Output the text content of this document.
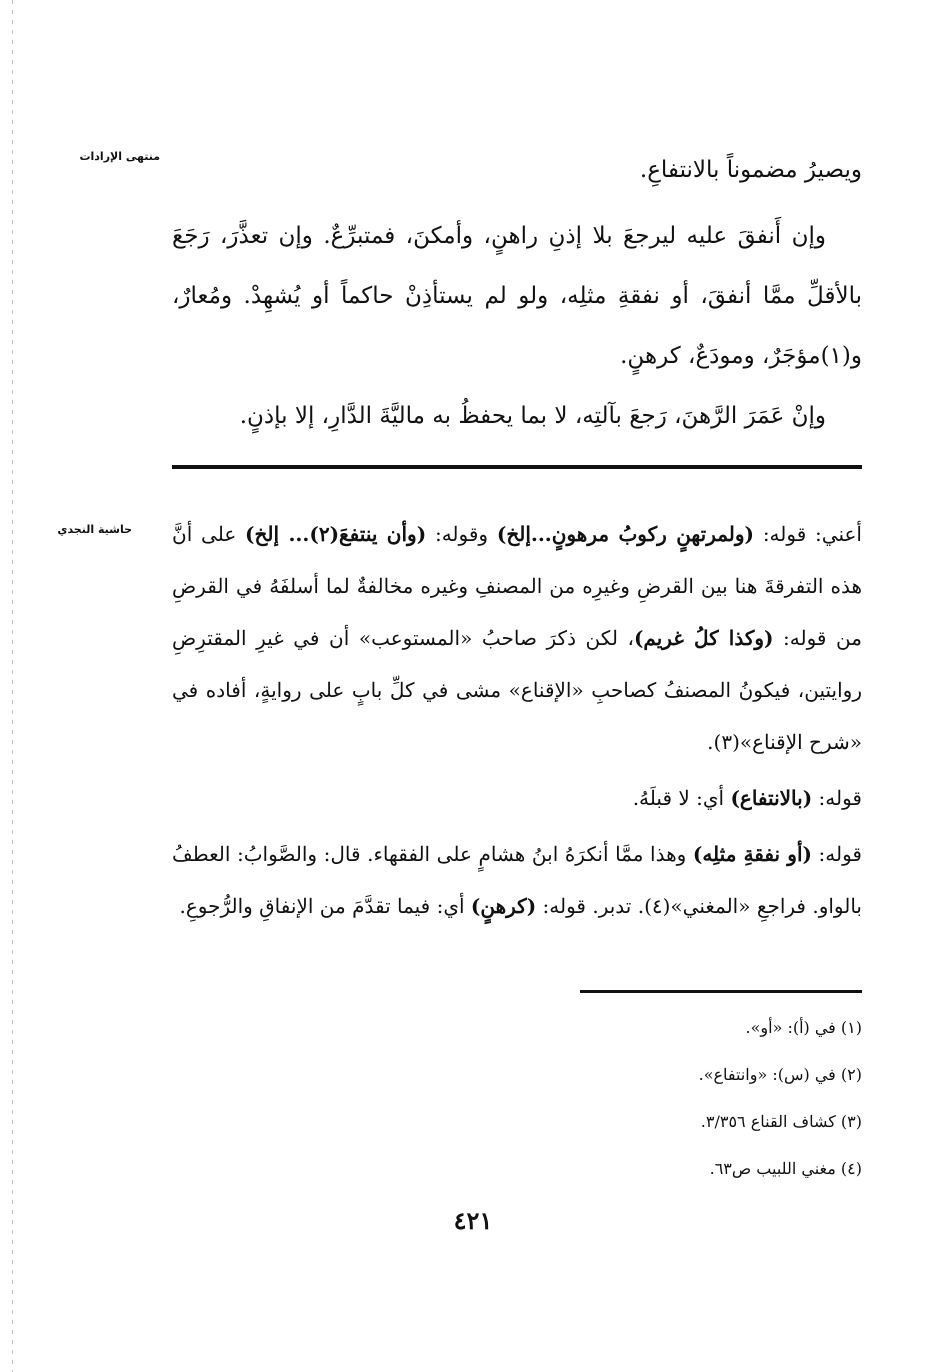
منتهى الإرادات
حاشية النجدي

ويصيرُ مضموناً بالانتفاعِ.

وإن أَنفقَ عليه ليرجعَ بلا إذنِ راهنٍ، وأمكنَ، فمتبرِّعٌ. وإن تعذَّرَ، رَجَعَ بالأقلِّ ممَّا أنفقَ، أو نفقةِ مثلِه، ولو لم يستأذِنْ حاكماً أو يُشهِدْ. ومُعارٌ، و(١)مؤجَرٌ، ومودَعٌ، كرهنٍ.

وإنْ عَمَرَ الرَّهنَ، رَجعَ بآلتِه، لا بما يحفظُ به ماليَّةَ الدَّارِ، إلا بإذنٍ.

أعني: قوله: (ولمرتهنٍ ركوبُ مرهونٍ...إلخ) وقوله: (وأن ينتفعَ(٢)... إلخ) على أنَّ هذه التفرقةَ هنا بين القرضِ وغيرِه من المصنفِ وغيره مخالفةٌ لما أسلفَهُ في القرضِ من قوله: (وكذا كلُ غريم)، لكن ذكرَ صاحبُ «المستوعب» أن في غيرِ المقترِضِ روايتين، فيكونُ المصنفُ كصاحبِ «الإقناع» مشى في كلِّ بابٍ على روايةٍ، أفاده في «شرح الإقناع»(٣).

قوله: (بالانتفاع) أي: لا قبلَهُ.

قوله: (أو نفقةِ مثلِه) وهذا ممَّا أنكرَهُ ابنُ هشامٍ على الفقهاء. قال: والصَّوابُ: العطفُ بالواو. فراجعِ «المغني»(٤). تدبر. قوله: (كرهنٍ) أي: فيما تقدَّمَ من الإنفاقِ والرُّجوعِ.

(١) في (أ): «أو».
(٢) في (س): «وانتفاع».
(٣) كشاف القناع ٣/٣٥٦.
(٤) مغني اللبيب ص٦٣.
٤٢١
